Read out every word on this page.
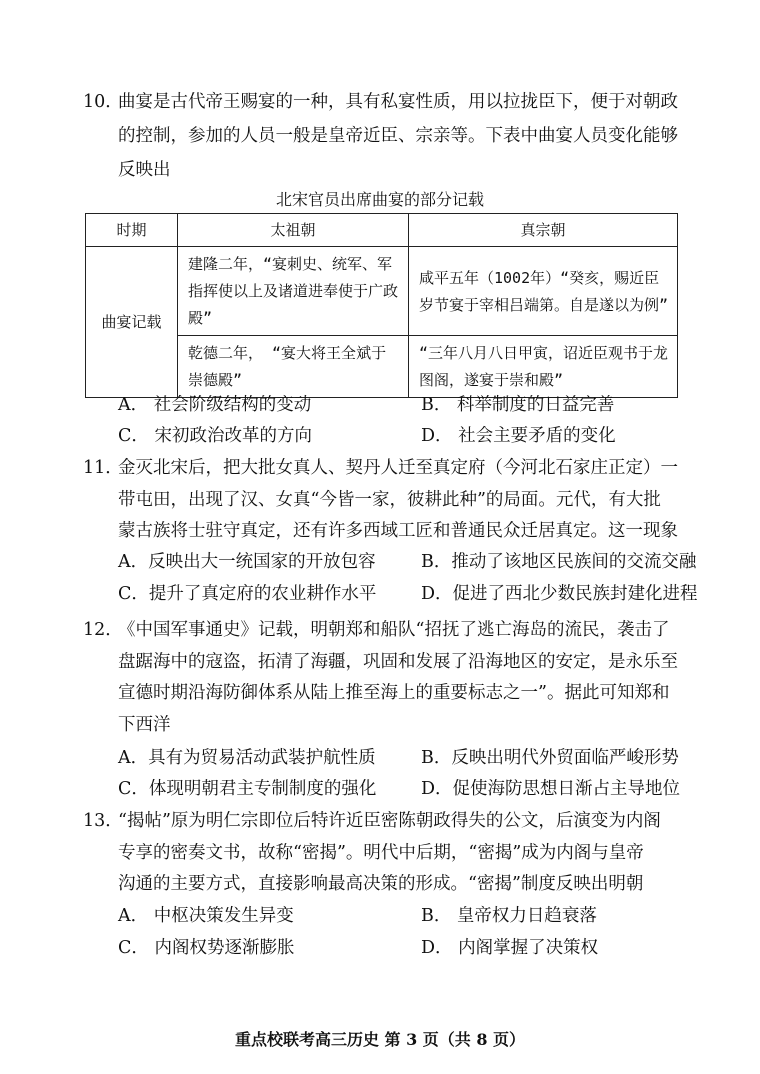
10．
曲宴是古代帝王赐宴的一种，具有私宴性质，用以拉拢臣下，便于对朝政
的控制，参加的人员一般是皇帝近臣、宗亲等。下表中曲宴人员变化能够
反映出
北宋官员出席曲宴的部分记载
时期	太祖朝	真宗朝
曲宴记载	建隆二年，“宴刺史、统军、军指挥使以上及诸道进奉使于广政殿”	咸平五年（1002年）“癸亥，赐近臣岁节宴于宰相吕端第。自是遂以为例”
	乾德二年， “宴大将王全斌于崇德殿”	“三年八月八日甲寅，诏近臣观书于龙图阁，遂宴于崇和殿”
A． 社会阶级结构的变动	B． 科举制度的日益完善
C． 宋初政治改革的方向	D． 社会主要矛盾的变化
11．
金灭北宋后，把大批女真人、契丹人迁至真定府（今河北石家庄正定）一
带屯田，出现了汉、女真“今皆一家，彼耕此种”的局面。元代，有大批
蒙古族将士驻守真定，还有许多西域工匠和普通民众迁居真定。这一现象
A．反映出大一统国家的开放包容	B．推动了该地区民族间的交流交融
C．提升了真定府的农业耕作水平	D．促进了西北少数民族封建化进程
12．
《中国军事通史》记载，明朝郑和船队“招抚了逃亡海岛的流民，袭击了
盘踞海中的寇盗，拓清了海疆，巩固和发展了沿海地区的安定，是永乐至
宣德时期沿海防御体系从陆上推至海上的重要标志之一”。据此可知郑和
下西洋
A．具有为贸易活动武装护航性质	B．反映出明代外贸面临严峻形势
C．体现明朝君主专制制度的强化	D．促使海防思想日渐占主导地位
13．
“揭帖”原为明仁宗即位后特许近臣密陈朝政得失的公文，后演变为内阁
专享的密奏文书，故称“密揭”。明代中后期，“密揭”成为内阁与皇帝
沟通的主要方式，直接影响最高决策的形成。“密揭”制度反映出明朝
A． 中枢决策发生异变	B． 皇帝权力日趋衰落
C． 内阁权势逐渐膨胀	D． 内阁掌握了决策权
重点校联考高三历史 第 3 页（共 8 页）
